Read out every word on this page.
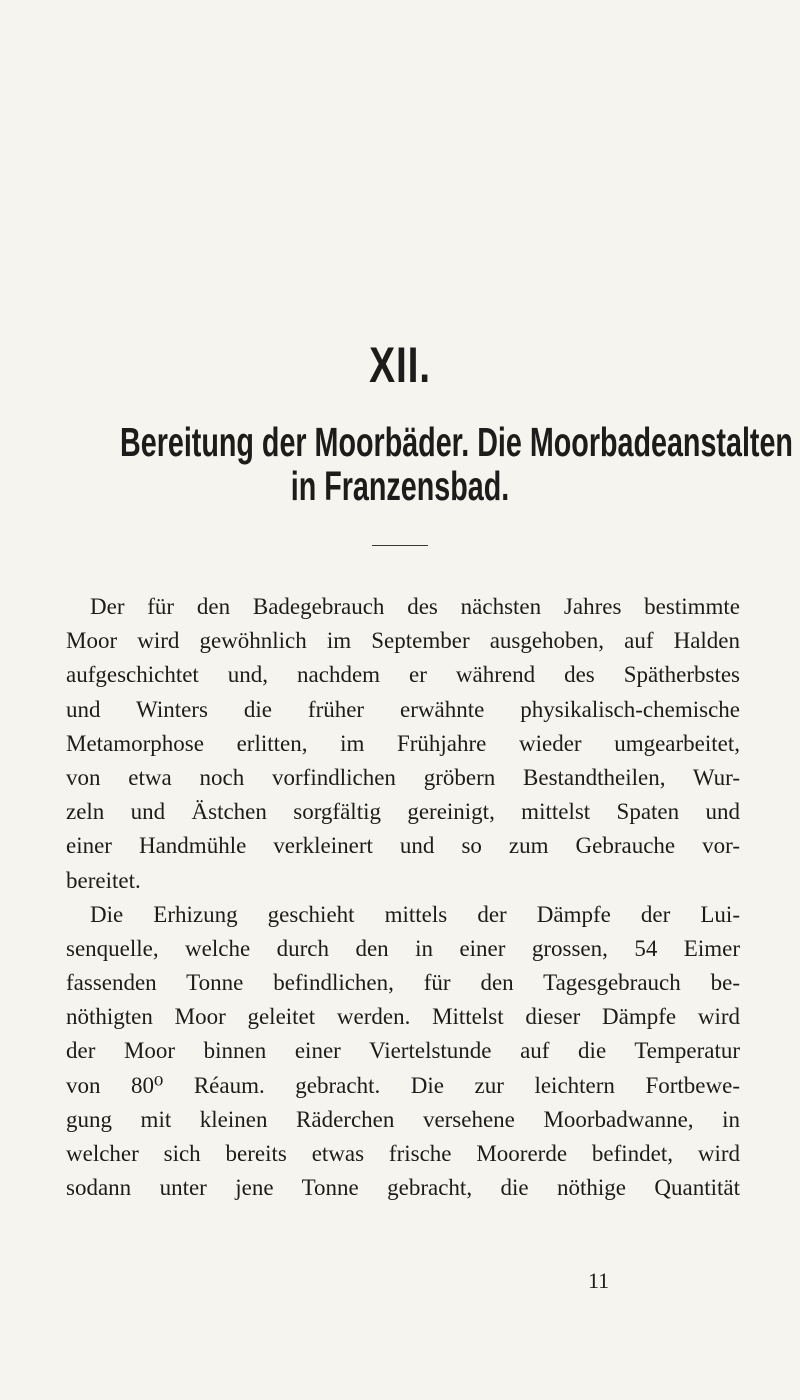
XII.
Bereitung der Moorbäder. Die Moorbadeanstalten
in Franzensbad.
Der für den Badegebrauch des nächsten Jahres bestimmte
Moor wird gewöhnlich im September ausgehoben, auf Halden
aufgeschichtet und, nachdem er während des Spätherbstes
und Winters die früher erwähnte physikalisch-chemische
Metamorphose erlitten, im Frühjahre wieder umgearbeitet,
von etwa noch vorfindlichen gröbern Bestandtheilen, Wur-
zeln und Ästchen sorgfältig gereinigt, mittelst Spaten und
einer Handmühle verkleinert und so zum Gebrauche vor-
bereitet.
Die Erhizung geschieht mittels der Dämpfe der Lui-
senquelle, welche durch den in einer grossen, 54 Eimer
fassenden Tonne befindlichen, für den Tagesgebrauch be-
nöthigten Moor geleitet werden. Mittelst dieser Dämpfe wird
der Moor binnen einer Viertelstunde auf die Temperatur
von 80⁰ Réaum. gebracht. Die zur leichtern Fortbewe-
gung mit kleinen Räderchen versehene Moorbadwanne, in
welcher sich bereits etwas frische Moorerde befindet, wird
sodann unter jene Tonne gebracht, die nöthige Quantität
11
